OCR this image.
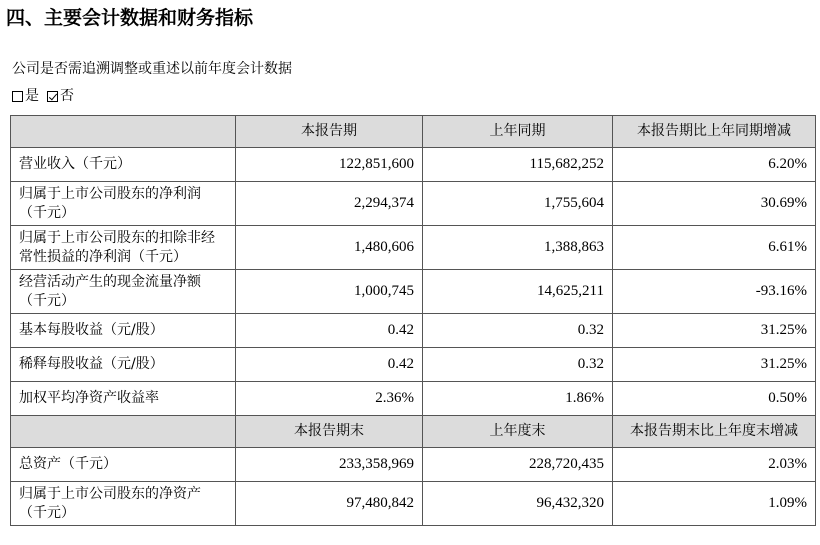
四、主要会计数据和财务指标
公司是否需追溯调整或重述以前年度会计数据
是 否
	本报告期	上年同期	本报告期比上年同期增减
营业收入（千元）	122,851,600	115,682,252	6.20%
归属于上市公司股东的净利润（千元）	2,294,374	1,755,604	30.69%
归属于上市公司股东的扣除非经常性损益的净利润（千元）	1,480,606	1,388,863	6.61%
经营活动产生的现金流量净额（千元）	1,000,745	14,625,211	-93.16%
基本每股收益（元/股）	0.42	0.32	31.25%
稀释每股收益（元/股）	0.42	0.32	31.25%
加权平均净资产收益率	2.36%	1.86%	0.50%
	本报告期末	上年度末	本报告期末比上年度末增减
总资产（千元）	233,358,969	228,720,435	2.03%
归属于上市公司股东的净资产（千元）	97,480,842	96,432,320	1.09%
